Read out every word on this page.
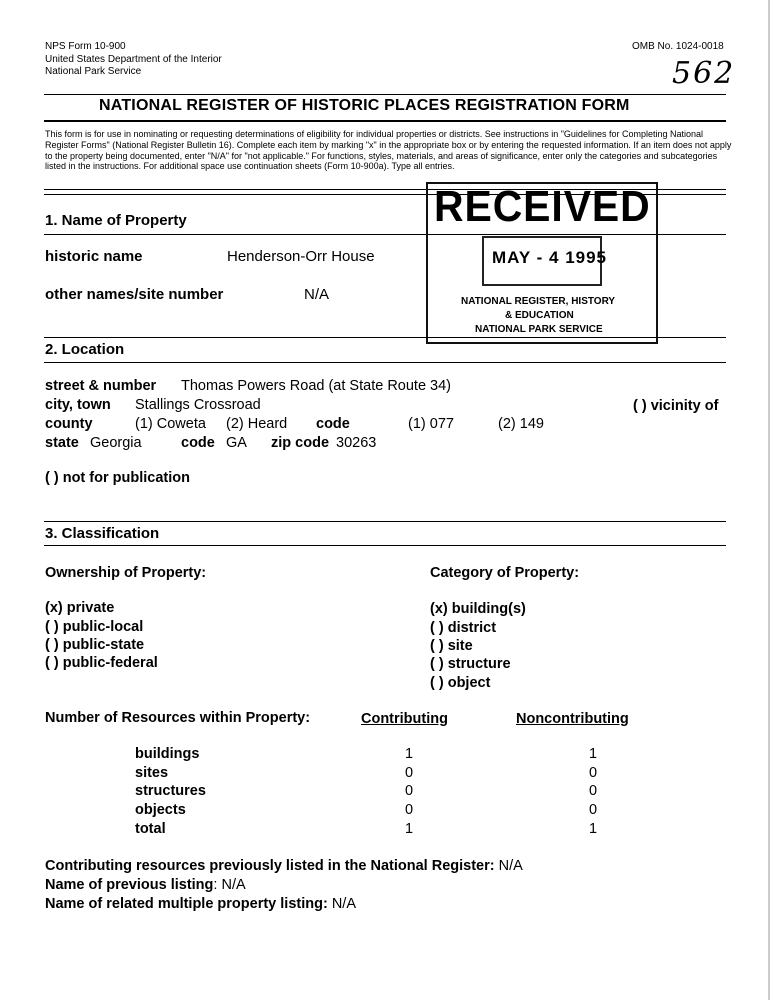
NPS Form 10-900
United States Department of the Interior
National Park Service
OMB No. 1024-0018
562
NATIONAL REGISTER OF HISTORIC PLACES REGISTRATION FORM
This form is for use in nominating or requesting determinations of eligibility for individual properties or districts. See instructions in "Guidelines for Completing National Register Forms" (National Register Bulletin 16). Complete each item by marking "x" in the appropriate box or by entering the requested information. If an item does not apply to the property being documented, enter "N/A" for "not applicable." For functions, styles, materials, and areas of significance, enter only the categories and subcategories listed in the instructions. For additional space use continuation sheets (Form 10-900a). Type all entries.
1. Name of Property
historic name	Henderson-Orr House
other names/site number	N/A
RECEIVED
MAY - 4 1995
NATIONAL REGISTER, HISTORY
& EDUCATION
NATIONAL PARK SERVICE
2. Location
street & number Thomas Powers Road (at State Route 34)
city, town Stallings Crossroad	( ) vicinity of
county	(1) Coweta (2) Heard code	(1) 077	(2) 149
state Georgia	code GA zip code 30263
( ) not for publication
3. Classification
Ownership of Property:	Category of Property:
(x) private
( ) public-local
( ) public-state
( ) public-federal
(x) building(s)
( ) district
( ) site
( ) structure
( ) object
Number of Resources within Property:	Contributing	Noncontributing
buildings	1	1
sites	0	0
structures	0	0
objects	0	0
total	1	1
Contributing resources previously listed in the National Register: N/A
Name of previous listing: N/A
Name of related multiple property listing: N/A
